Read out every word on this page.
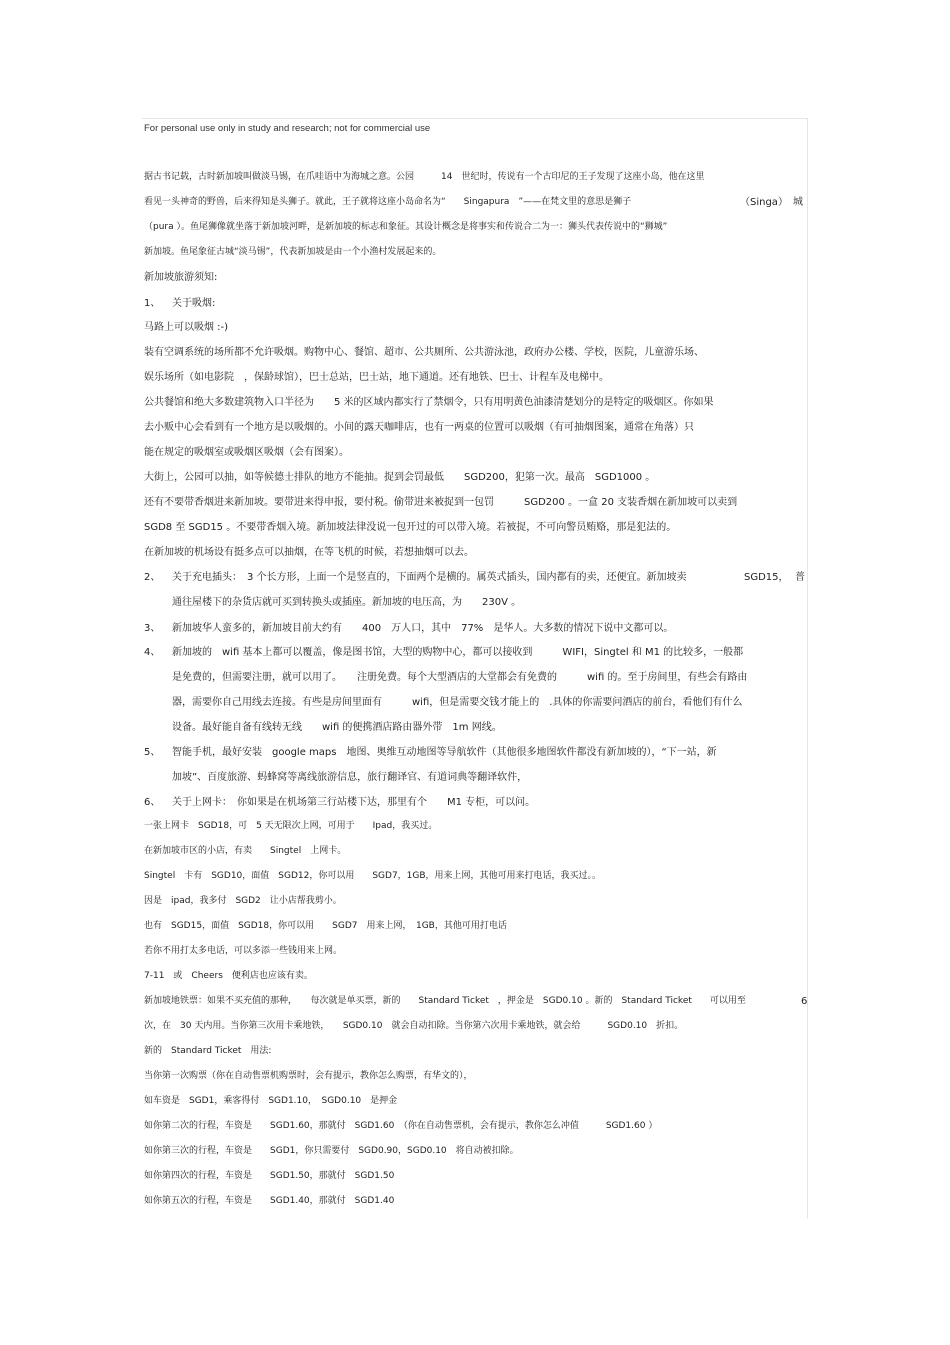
For personal use only in study and research; not for commercial use
据古书记载，古时新加坡叫做淡马锡，在爪哇语中为海城之意。公园　　　14　世纪时，传说有一个古印尼的王子发现了这座小岛，他在这里
看见一头神奇的野兽，后来得知是头狮子。就此，王子就将这座小岛命名为“　　Singapura　”——在梵文里的意思是狮子	（Singa） 城
（pura ）。鱼尾狮像就坐落于新加坡河畔，是新加坡的标志和象征。其设计概念是将事实和传说合二为一：狮头代表传说中的“狮城”
新加坡。鱼尾象征古城“淡马锡”，代表新加坡是由一个小渔村发展起来的。
新加坡旅游须知:
1、 关于吸烟:
马路上可以吸烟 :-)
装有空调系统的场所都不允许吸烟。购物中心、餐馆、超市、公共厕所、公共游泳池，政府办公楼、学校，医院，儿童游乐场、
娱乐场所（如电影院　，保龄球馆），巴士总站，巴士站，地下通道。还有地铁、巴士、计程车及电梯中。
公共餐馆和绝大多数建筑物入口半径为　　5 米的区域内都实行了禁烟令，只有用明黄色油漆清楚划分的是特定的吸烟区。你如果
去小贩中心会看到有一个地方是以吸烟的。小间的露天咖啡店，也有一两桌的位置可以吸烟（有可抽烟图案，通常在角落）只
能在规定的吸烟室或吸烟区吸烟（会有图案）。
大街上，公园可以抽，如等候德士排队的地方不能抽。捉到会罚最低　　SGD200，犯第一次。最高　SGD1000 。
还有不要带香烟进来新加坡。要带进来得申报，要付税。偷带进来被捉到一包罚　　　SGD200 。一盒 20 支装香烟在新加坡可以卖到
SGD8 至 SGD15 。不要带香烟入境。新加坡法律没说一包开过的可以带入境。若被捉，不可向警员贿赂，那是犯法的。
在新加坡的机场设有挺多点可以抽烟，在等飞机的时候，若想抽烟可以去。
2、 关于充电插头：　3 个长方形，上面一个是竖直的，下面两个是横的。属英式插头，国内都有的卖，还便宜。新加坡卖	SGD15， 普
通往屋楼下的杂货店就可买到转换头或插座。新加坡的电压高，为　　230V 。
3、 新加坡华人蛮多的，新加坡目前大约有　　400　万人口，其中　77%　是华人。大多数的情况下说中文都可以。
4、 新加坡的　wifi 基本上都可以覆盖，像是图书馆，大型的购物中心，都可以接收到　　　WIFI，Singtel 和 M1 的比较多，一般都
是免费的，但需要注册，就可以用了。　　注册免费。每个大型酒店的大堂都会有免费的　　　wifi 的。至于房间里，有些会有路由
器，需要你自己用线去连接。有些是房间里面有　　　wifi，但是需要交钱才能上的　.具体的你需要问酒店的前台，看他们有什么
设备。最好能自备有线转无线　　wifi 的便携酒店路由器外带　1m 网线。
5、 智能手机，最好安装　google maps　地图、奥维互动地图等导航软件（其他很多地图软件都没有新加坡的），“下一站，新
加坡”、百度旅游、蚂蜂窝等离线旅游信息，旅行翻译官、有道词典等翻译软件，
6、 关于上网卡：　你如果是在机场第三行站楼下达，那里有个　　M1 专柜，可以问。
一张上网卡　SGD18，可　5 天无限次上网，可用于　　Ipad，我买过。
在新加坡市区的小店，有卖　　Singtel　上网卡。
Singtel　卡有　SGD10，面值　SGD12，你可以用　　SGD7，1GB，用来上网，其他可用来打电话，我买过。。
因是　ipad，我多付　SGD2　让小店帮我剪小。
也有　SGD15，面值　SGD18，你可以用　　SGD7　用来上网，　1GB，其他可用打电话
若你不用打太多电话，可以多添一些钱用来上网。
7-11　或　Cheers　便利店也应该有卖。
新加坡地铁票：如果不买充值的那种，　　每次就是单买票，新的　　Standard Ticket　，押金是　SGD0.10 。新的　Standard Ticket　　可以用至	6
次，在　30 天内用。当你第三次用卡乘地铁，　　SGD0.10　就会自动扣除。当你第六次用卡乘地铁，就会给　　　SGD0.10　折扣。
新的　Standard Ticket　用法:
当你第一次购票（你在自动售票机购票时，会有提示，教你怎么购票，有华文的），
如车资是　SGD1，乘客得付　SGD1.10，　SGD0.10　是押金
如你第二次的行程，车资是　　SGD1.60，那就付　SGD1.60　（你在自动售票机，会有提示，教你怎么冲值　　　SGD1.60 ）
如你第三次的行程，车资是　　SGD1，你只需要付　SGD0.90，SGD0.10　将自动被扣除。
如你第四次的行程，车资是　　SGD1.50，那就付　SGD1.50
如你第五次的行程，车资是　　SGD1.40，那就付　SGD1.40
